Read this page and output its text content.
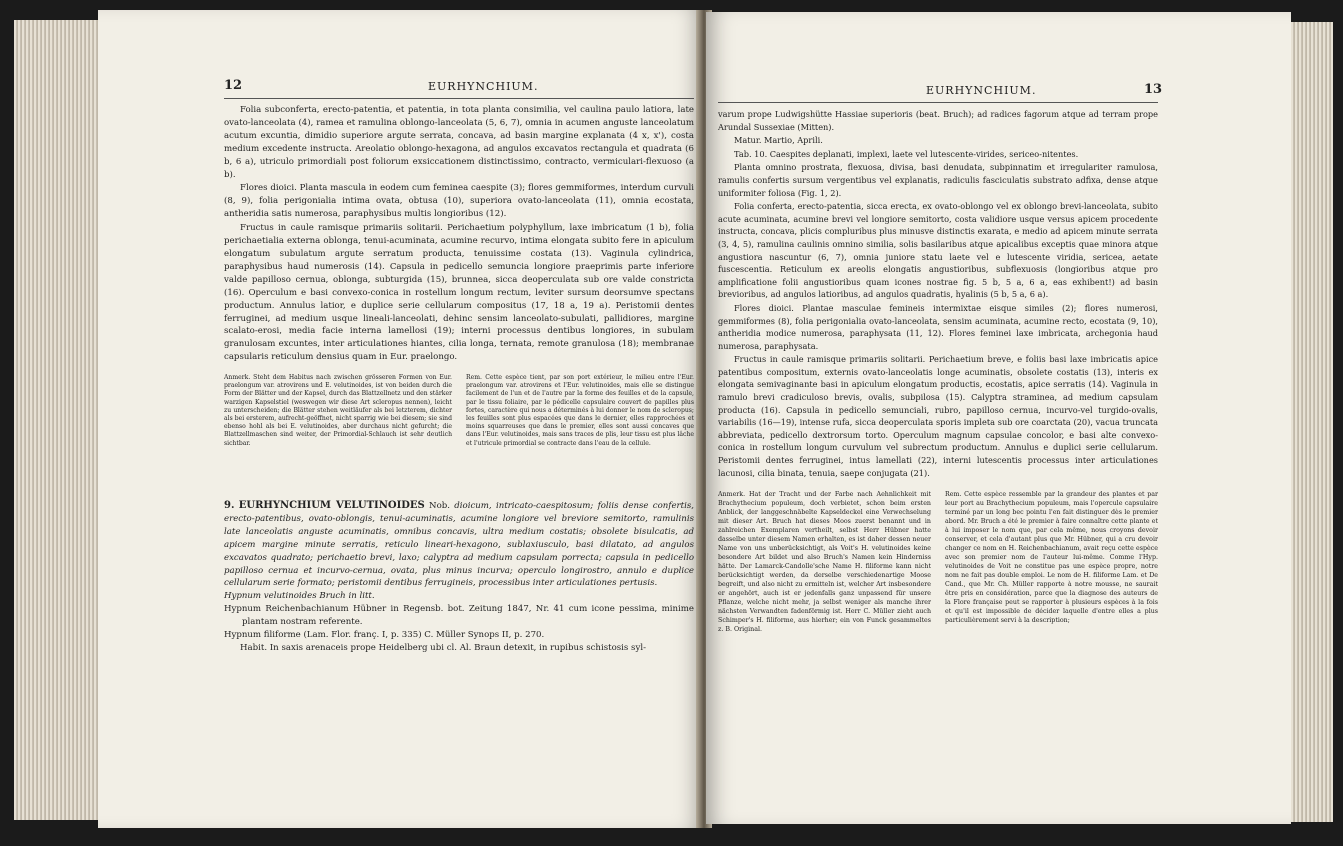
12	EURHYNCHIUM.

Folia subconferta, erecto-patentia, et patentia, in tota planta consimilia, vel caulina paulo latiora, late ovato-lanceolata (4), ramea et ramulina oblongo-lanceolata (5, 6, 7), omnia in acumen anguste lanceolatum acutum excuntia, dimidio superiore argute serrata, concava, ad basin margine explanata (4 x, x'), costa medium excedente instructa. Areolatio oblongo-hexagona, ad angulos excavatos rectangula et quadrata (6 b, 6 a), utriculo primordiali post foliorum exsiccationem distinctissimo, contracto, vermiculari-flexuoso (a b).

Flores dioici. Planta mascula in eodem cum feminea caespite (3); flores gemmiformes, interdum curvuli (8, 9), folia perigonialia intima ovata, obtusa (10), superiora ovato-lanceolata (11), omnia ecostata, antheridia satis numerosa, paraphysibus multis longioribus (12).

Fructus in caule ramisque primariis solitarii. Perichaetium polyphyllum, laxe imbricatum (1 b), folia perichaetialia externa oblonga, tenui-acuminata, acumine recurvo, intima elongata subito fere in apiculum elongatum subulatum argute serratum producta, tenuissime costata (13). Vaginula cylindrica, paraphysibus haud numerosis (14). Capsula in pedicello semuncia longiore praeprimis parte inferiore valde papilloso cernua, oblonga, subturgida (15), brunnea, sicca deoperculata sub ore valde constricta (16). Operculum e basi convexo-conica in rostellum longum rectum, leviter sursum deorsumve spectans productum. Annulus latior, e duplice serie cellularum compositus (17, 18 a, 19 a). Peristomii dentes ferruginei, ad medium usque lineali-lanceolati, dehinc sensim lanceolato-subulati, pallidiores, margine scalato-erosi, media facie interna lamellosi (19); interni processus dentibus longiores, in subulam granulosam excuntes, inter articulationes hiantes, cilia longa, ternata, remote granulosa (18); membranae capsularis reticulum densius quam in Eur. praelongo.

Anmerk. Steht dem Habitus nach zwischen grösseren Formen von Eur. praelongum var. atrovirens und E. velutinoides, ist von beiden durch die Form der Blätter und der Kapsel, durch das Blattzellnetz und den stärker warzigen Kapselstiel (weswegen wir diese Art scleropus nennen), leicht zu unterscheiden; die Blätter stehen weitläufer als bei letzterem, dichter als bei ersterem, aufrecht-geöffnet, nicht sparrig wie bei diesem; sie sind ebenso hohl als bei E. velutinoides, aber durchaus nicht gefurcht; die Blattzellmaschen sind weiter, der Primordial-Schlauch ist sehr deutlich sichtbar.
Rem. Cette espèce tient, par son port extérieur, le milieu entre l'Eur. praelongum var. atrovirens et l'Eur. velutinoides, mais elle se distingue facilement de l'un et de l'autre par la forme des feuilles et de la capsule, par le tissu foliaire, par le pédicelle capsulaire couvert de papilles plus fortes, caractère qui nous a déterminés à lui donner le nom de scleropus; les feuilles sont plus espacées que dans le dernier, elles rapprochées et moins squarreuses que dans le premier, elles sont aussi concaves que dans l'Eur. velutinoides, mais sans traces de plis, leur tissu est plus lâche et l'utricule primordial se contracte dans l'eau de la cellule.

9. EURHYNCHIUM VELUTINOIDES Nob. dioicum, intricato-caespitosum; foliis dense confertis, erecto-patentibus, ovato-oblongis, tenui-acuminatis, acumine longiore vel breviore semitorto, ramulinis late lanceolatis anguste acuminatis, omnibus concavis, ultra medium costatis; obsolete bisulcatis, ad apicem margine minute serratis, reticulo lineari-hexagono, sublaxiusculo, basi dilatato, ad angulos excavatos quadrato; perichaetio brevi, laxo; calyptra ad medium capsulam porrecta; capsula in pedicello papilloso cernua et incurvo-cernua, ovata, plus minus incurva; operculo longirostro, annulo e duplice cellularum serie formato; peristomii dentibus ferrugineis, processibus inter articulationes pertusis.

Hypnum velutinoides Bruch in litt.

Hypnum Reichenbachianum Hübner in Regensb. bot. Zeitung 1847, Nr. 41 cum icone pessima, minime plantam nostram referente.

Hypnum filiforme (Lam. Flor. franç. I, p. 335) C. Müller Synops II, p. 270.

Habit. In saxis arenaceis prope Heidelberg ubi cl. Al. Braun detexit, in rupibus schistosis syl-

EURHYNCHIUM.	13

varum prope Ludwigshütte Hassiae superioris (beat. Bruch); ad radices fagorum atque ad terram prope Arundal Sussexiae (Mitten).

Matur. Martio, Aprili.

Tab. 10. Caespites deplanati, implexi, laete vel lutescente-virides, sericeo-nitentes.

Planta omnino prostrata, flexuosa, divisa, basi denudata, subpinnatim et irregulariter ramulosa, ramulis confertis sursum vergentibus vel explanatis, radiculis fasciculatis substrato adfixa, dense atque uniformiter foliosa (Fig. 1, 2).

Folia conferta, erecto-patentia, sicca erecta, ex ovato-oblongo vel ex oblongo brevi-lanceolata, subito acute acuminata, acumine brevi vel longiore semitorto, costa validiore usque versus apicem procedente instructa, concava, plicis compluribus plus minusve distinctis exarata, e medio ad apicem minute serrata (3, 4, 5), ramulina caulinis omnino similia, solis basilaribus atque apicalibus exceptis quae minora atque angustiora nascuntur (6, 7), omnia juniore statu laete vel e lutescente viridia, sericea, aetate fuscescentia. Reticulum ex areolis elongatis angustioribus, subflexuosis (longioribus atque pro amplificatione folii angustioribus quam icones nostrae fig. 5 b, 5 a, 6 a, eas exhibent!) ad basin brevioribus, ad angulos latioribus, ad angulos quadratis, hyalinis (5 b, 5 a, 6 a).

Flores dioici. Plantae masculae femineis intermixtae eisque similes (2); flores numerosi, gemmiformes (8), folia perigonialia ovato-lanceolata, sensim acuminata, acumine recto, ecostata (9, 10), antheridia modice numerosa, paraphysata (11, 12). Flores feminei laxe imbricata, archegonia haud numerosa, paraphysata.

Fructus in caule ramisque primariis solitarii. Perichaetium breve, e foliis basi laxe imbricatis apice patentibus compositum, externis ovato-lanceolatis longe acuminatis, obsolete costatis (13), interis ex elongata semivaginante basi in apiculum elongatum productis, ecostatis, apice serratis (14). Vaginula in ramulo brevi cradiculoso brevis, ovalis, subpilosa (15). Calyptra straminea, ad medium capsulam producta (16). Capsula in pedicello semunciali, rubro, papilloso cernua, incurvo-vel turgido-ovalis, variabilis (16—19), intense rufa, sicca deoperculata sporis impleta sub ore coarctata (20), vacua truncata abbreviata, pedicello dextrorsum torto. Operculum magnum capsulae concolor, e basi alte convexo-conica in rostellum longum curvulum vel subrectum productum. Annulus e duplici serie cellularum. Peristomii dentes ferruginei, intus lamellati (22), interni lutescentis processus inter articulationes lacunosi, cilia binata, tenuia, saepe conjugata (21).

Anmerk. Hat der Tracht und der Farbe nach Aehnlichkeit mit Brachythecium populeum, doch verbietet, schon beim ersten Anblick, der langgeschnäbelte Kapseldeckel eine Verwechselung mit dieser Art. Bruch hat dieses Moos zuerst benannt und in zahlreichen Exemplaren vertheilt, selbst Herr Hübner hatte dasselbe unter diesem Namen erhalten, es ist daher dessen neuer Name von uns unberücksichtigt, als Voit's H. velutinoides keine besondere Art bildet und also Bruch's Namen kein Hinderniss hätte. Der Lamarck-Candolle'sche Name H. filiforme kann nicht berücksichtigt werden, da derselbe verschiedenartige Moose begreift, und also nicht zu ermitteln ist, welcher Art insbesondere er angehört, auch ist er jedenfalls ganz unpassend für unsere Pflanze, welche nicht mehr, ja selbst weniger als manche ihrer nächsten Verwandten fadenförmig ist. Herr C. Müller zieht auch Schimper's H. filiforme, aus hierher; ein von Funck gesammeltes z. B. Original.
Rem. Cette espèce ressemble par la grandeur des plantes et par leur port au Brachythecium populeum, mais l'opercule capsulaire terminé par un long bec pointu l'en fait distinguer dès le premier abord. Mr. Bruch a été le premier à faire connaître cette plante et à lui imposer le nom que, par cela même, nous croyons devoir conserver, et cela d'autant plus que Mr. Hübner, qui a cru devoir changer ce nom en H. Reichenbachianum, avait reçu cette espèce avec son premier nom de l'auteur lui-même. Comme l'Hyp. velutinoides de Voit ne constitue pas une espèce propre, notre nom ne fait pas double emploi. Le nom de H. filiforme Lam. et De Cand., que Mr. Ch. Müller rapporte à notre mousse, ne saurait être pris en considération, parce que la diagnose des auteurs de la Flore française peut se rapporter à plusieurs espèces à la fois et qu'il est impossible de décider laquelle d'entre elles a plus particulièrement servi à la description;
